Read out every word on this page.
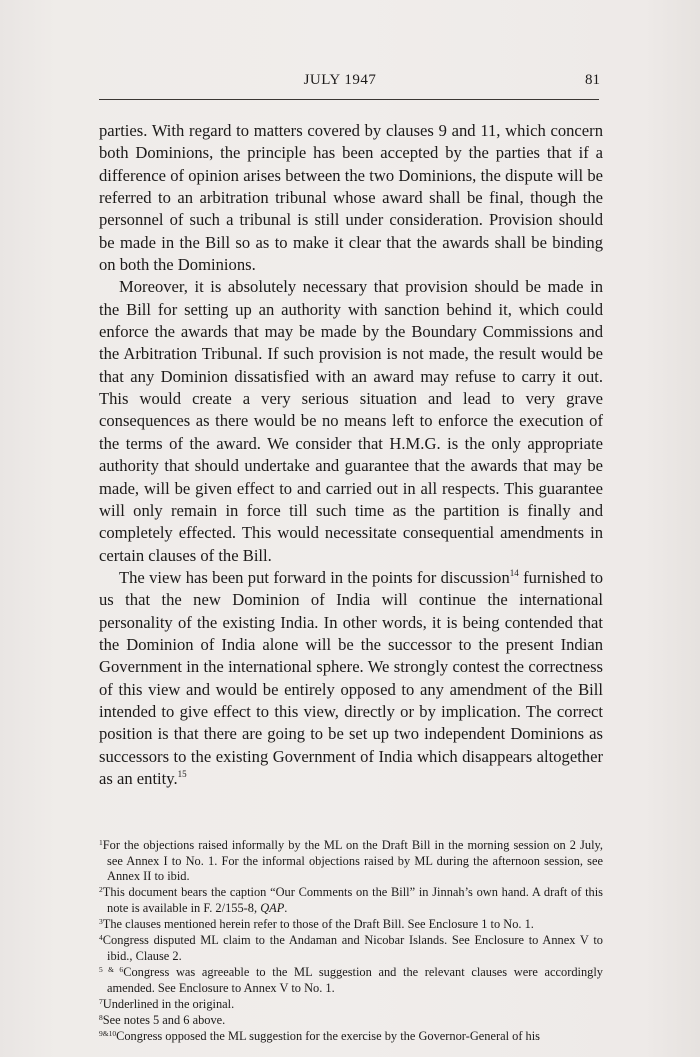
JULY 1947	81

parties. With regard to matters covered by clauses 9 and 11, which concern both Dominions, the principle has been accepted by the parties that if a difference of opinion arises between the two Dominions, the dispute will be referred to an arbitration tribunal whose award shall be final, though the personnel of such a tribunal is still under consideration. Provision should be made in the Bill so as to make it clear that the awards shall be binding on both the Dominions.

Moreover, it is absolutely necessary that provision should be made in the Bill for setting up an authority with sanction behind it, which could enforce the awards that may be made by the Boundary Commissions and the Arbitration Tribunal. If such provision is not made, the result would be that any Dominion dissatisfied with an award may refuse to carry it out. This would create a very serious situation and lead to very grave consequences as there would be no means left to enforce the execution of the terms of the award. We consider that H.M.G. is the only appropriate authority that should undertake and guarantee that the awards that may be made, will be given effect to and carried out in all respects. This guarantee will only remain in force till such time as the partition is finally and completely effected. This would necessitate consequential amendments in certain clauses of the Bill.

The view has been put forward in the points for discussion$^{14}$ furnished to us that the new Dominion of India will continue the international personality of the existing India. In other words, it is being contended that the Dominion of India alone will be the successor to the present Indian Government in the international sphere. We strongly contest the correctness of this view and would be entirely opposed to any amendment of the Bill intended to give effect to this view, directly or by implication. The correct position is that there are going to be set up two independent Dominions as successors to the existing Government of India which disappears altogether as an entity.$^{15}$

$^1$For the objections raised informally by the ML on the Draft Bill in the morning session on 2 July, see Annex I to No. 1. For the informal objections raised by ML during the afternoon session, see Annex II to ibid.

$^2$This document bears the caption “Our Comments on the Bill” in Jinnah’s own hand. A draft of this note is available in F. 2/155-8, QAP.

$^3$The clauses mentioned herein refer to those of the Draft Bill. See Enclosure 1 to No. 1.

$^4$Congress disputed ML claim to the Andaman and Nicobar Islands. See Enclosure to Annex V to ibid., Clause 2.

$^{5 \& 6}$Congress was agreeable to the ML suggestion and the relevant clauses were accordingly amended. See Enclosure to Annex V to No. 1.

$^7$Underlined in the original.

$^8$See notes 5 and 6 above.

$^{9\&10}$Congress opposed the ML suggestion for the exercise by the Governor-General of his
